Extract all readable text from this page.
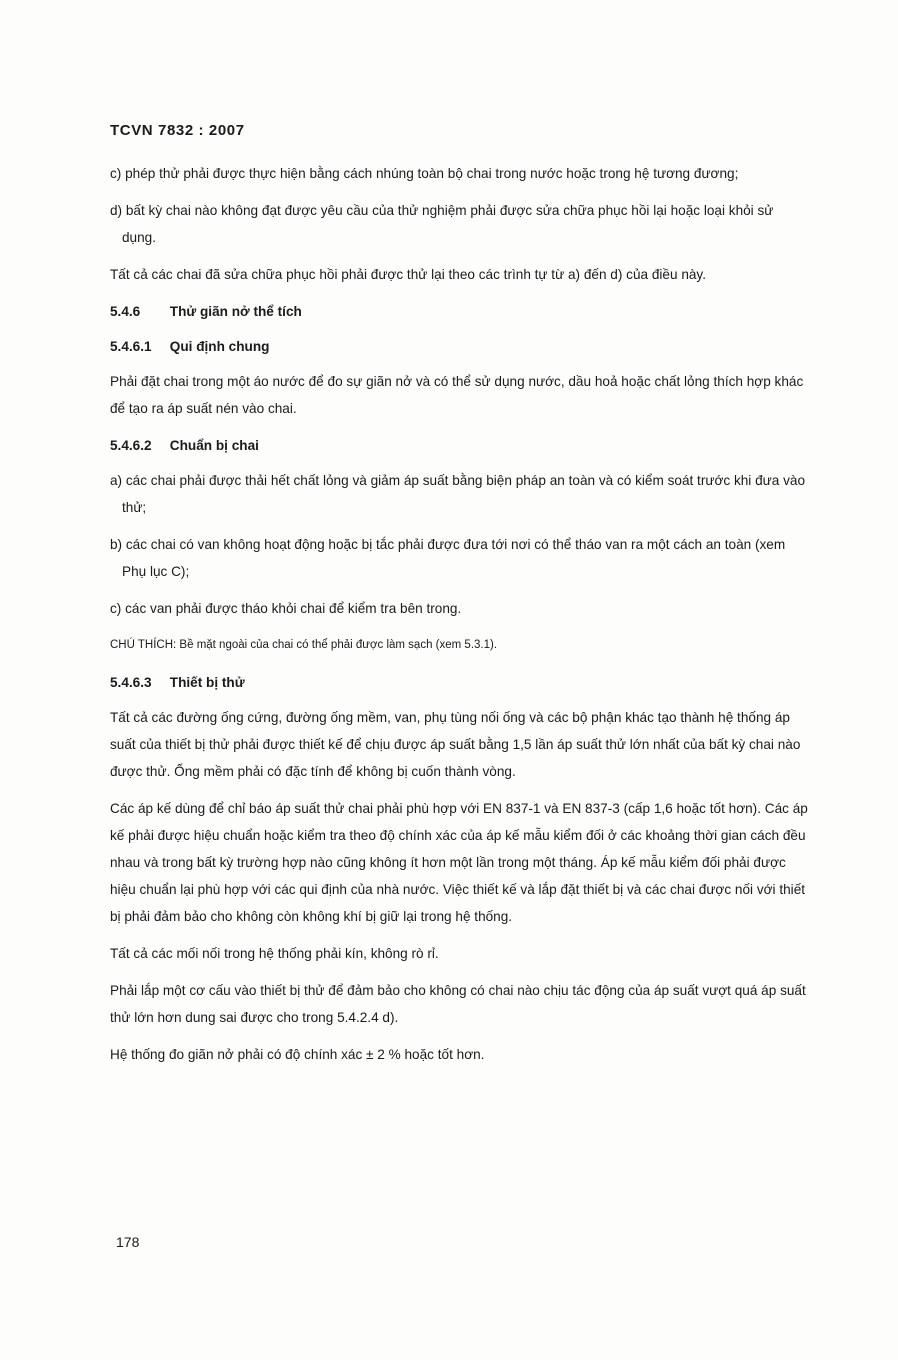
TCVN 7832 : 2007
c) phép thử phải được thực hiện bằng cách nhúng toàn bộ chai trong nước hoặc trong hệ tương đương;
d) bất kỳ chai nào không đạt được yêu cầu của thử nghiệm phải được sửa chữa phục hồi lại hoặc loại khỏi sử dụng.
Tất cả các chai đã sửa chữa phục hồi phải được thử lại theo các trình tự từ a) đến d) của điều này.
5.4.6 Thử giãn nở thể tích
5.4.6.1 Qui định chung
Phải đặt chai trong một áo nước để đo sự giãn nở và có thể sử dụng nước, dầu hoả hoặc chất lỏng thích hợp khác để tạo ra áp suất nén vào chai.
5.4.6.2 Chuẩn bị chai
a) các chai phải được thải hết chất lỏng và giảm áp suất bằng biện pháp an toàn và có kiểm soát trước khi đưa vào thử;
b) các chai có van không hoạt động hoặc bị tắc phải được đưa tới nơi có thể tháo van ra một cách an toàn (xem Phụ lục C);
c) các van phải được tháo khỏi chai để kiểm tra bên trong.
CHÚ THÍCH: Bề mặt ngoài của chai có thể phải được làm sạch (xem 5.3.1).
5.4.6.3 Thiết bị thử
Tất cả các đường ống cứng, đường ống mềm, van, phụ tùng nối ống và các bộ phận khác tạo thành hệ thống áp suất của thiết bị thử phải được thiết kế để chịu được áp suất bằng 1,5 lần áp suất thử lớn nhất của bất kỳ chai nào được thử. Ống mềm phải có đặc tính để không bị cuốn thành vòng.
Các áp kế dùng để chỉ báo áp suất thử chai phải phù hợp với EN 837-1 và EN 837-3 (cấp 1,6 hoặc tốt hơn). Các áp kế phải được hiệu chuẩn hoặc kiểm tra theo độ chính xác của áp kế mẫu kiểm đối ở các khoảng thời gian cách đều nhau và trong bất kỳ trường hợp nào cũng không ít hơn một lần trong một tháng. Áp kế mẫu kiểm đối phải được hiệu chuẩn lại phù hợp với các qui định của nhà nước. Việc thiết kế và lắp đặt thiết bị và các chai được nối với thiết bị phải đảm bảo cho không còn không khí bị giữ lại trong hệ thống.
Tất cả các mối nối trong hệ thống phải kín, không rò rỉ.
Phải lắp một cơ cấu vào thiết bị thử để đảm bảo cho không có chai nào chịu tác động của áp suất vượt quá áp suất thử lớn hơn dung sai được cho trong 5.4.2.4 d).
Hệ thống đo giãn nở phải có độ chính xác ± 2 % hoặc tốt hơn.
178
